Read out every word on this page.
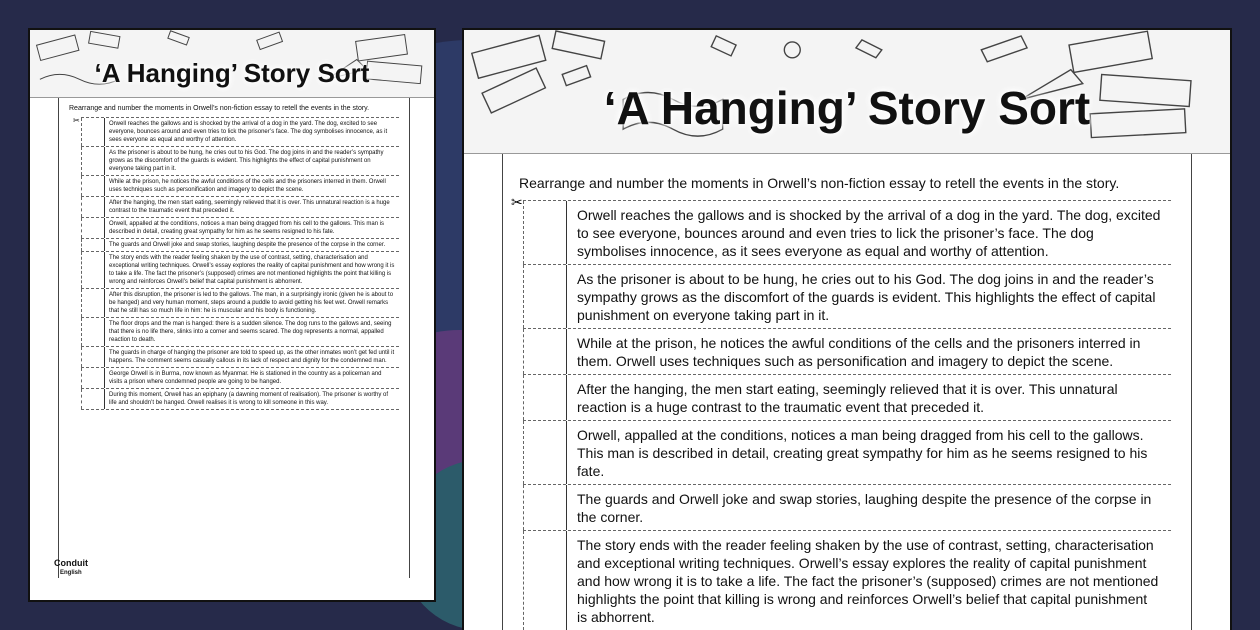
‘A Hanging’ Story Sort
Rearrange and number the moments in Orwell’s non-fiction essay to retell the events in the story.
✂	Orwell reaches the gallows and is shocked by the arrival of a dog in the yard. The dog, excited to see everyone, bounces around and even tries to lick the prisoner’s face. The dog symbolises innocence, as it sees everyone as equal and worthy of attention.
As the prisoner is about to be hung, he cries out to his God. The dog joins in and the reader’s sympathy grows as the discomfort of the guards is evident. This highlights the effect of capital punishment on everyone taking part in it.
While at the prison, he notices the awful conditions of the cells and the prisoners interred in them. Orwell uses techniques such as personification and imagery to depict the scene.
After the hanging, the men start eating, seemingly relieved that it is over. This unnatural reaction is a huge contrast to the traumatic event that preceded it.
Orwell, appalled at the conditions, notices a man being dragged from his cell to the gallows. This man is described in detail, creating great sympathy for him as he seems resigned to his fate.
The guards and Orwell joke and swap stories, laughing despite the presence of the corpse in the corner.
The story ends with the reader feeling shaken by the use of contrast, setting, characterisation and exceptional writing techniques. Orwell’s essay explores the reality of capital punishment and how wrong it is to take a life. The fact the prisoner’s (supposed) crimes are not mentioned highlights the point that killing is wrong and reinforces Orwell’s belief that capital punishment is abhorrent.
After this disruption, the prisoner is led to the gallows. The man, in a surprisingly ironic (given he is about to be hanged) and very human moment, steps around a puddle to avoid getting his feet wet. Orwell remarks that he still has so much life in him: he is muscular and his body is functioning.
The floor drops and the man is hanged: there is a sudden silence. The dog runs to the gallows and, seeing that there is no life there, slinks into a corner and seems scared. The dog represents a normal, appalled reaction to death.
The guards in charge of hanging the prisoner are told to speed up, as the other inmates won’t get fed until it happens. The comment seems casually callous in its lack of respect and dignity for the condemned man.
George Orwell is in Burma, now known as Myanmar. He is stationed in the country as a policeman and visits a prison where condemned people are going to be hanged.
During this moment, Orwell has an epiphany (a dawning moment of realisation). The prisoner is worthy of life and shouldn’t be hanged. Orwell realises it is wrong to kill someone in this way.
Conduit
English
‘A Hanging’ Story Sort
Rearrange and number the moments in Orwell’s non-fiction essay to retell the events in the story.
✂
Orwell reaches the gallows and is shocked by the arrival of a dog in the yard. The dog, excited to see everyone, bounces around and even tries to lick the prisoner’s face. The dog symbolises innocence, as it sees everyone as equal and worthy of attention.
As the prisoner is about to be hung, he cries out to his God. The dog joins in and the reader’s sympathy grows as the discomfort of the guards is evident. This highlights the effect of capital punishment on everyone taking part in it.
While at the prison, he notices the awful conditions of the cells and the prisoners interred in them. Orwell uses techniques such as personification and imagery to depict the scene.
After the hanging, the men start eating, seemingly relieved that it is over. This unnatural reaction is a huge contrast to the traumatic event that preceded it.
Orwell, appalled at the conditions, notices a man being dragged from his cell to the gallows. This man is described in detail, creating great sympathy for him as he seems resigned to his fate.
The guards and Orwell joke and swap stories, laughing despite the presence of the corpse in the corner.
The story ends with the reader feeling shaken by the use of contrast, setting, characterisation and exceptional writing techniques. Orwell’s essay explores the reality of capital punishment and how wrong it is to take a life. The fact the prisoner’s (supposed) crimes are not mentioned highlights the point that killing is wrong and reinforces Orwell’s belief that capital punishment is abhorrent.
